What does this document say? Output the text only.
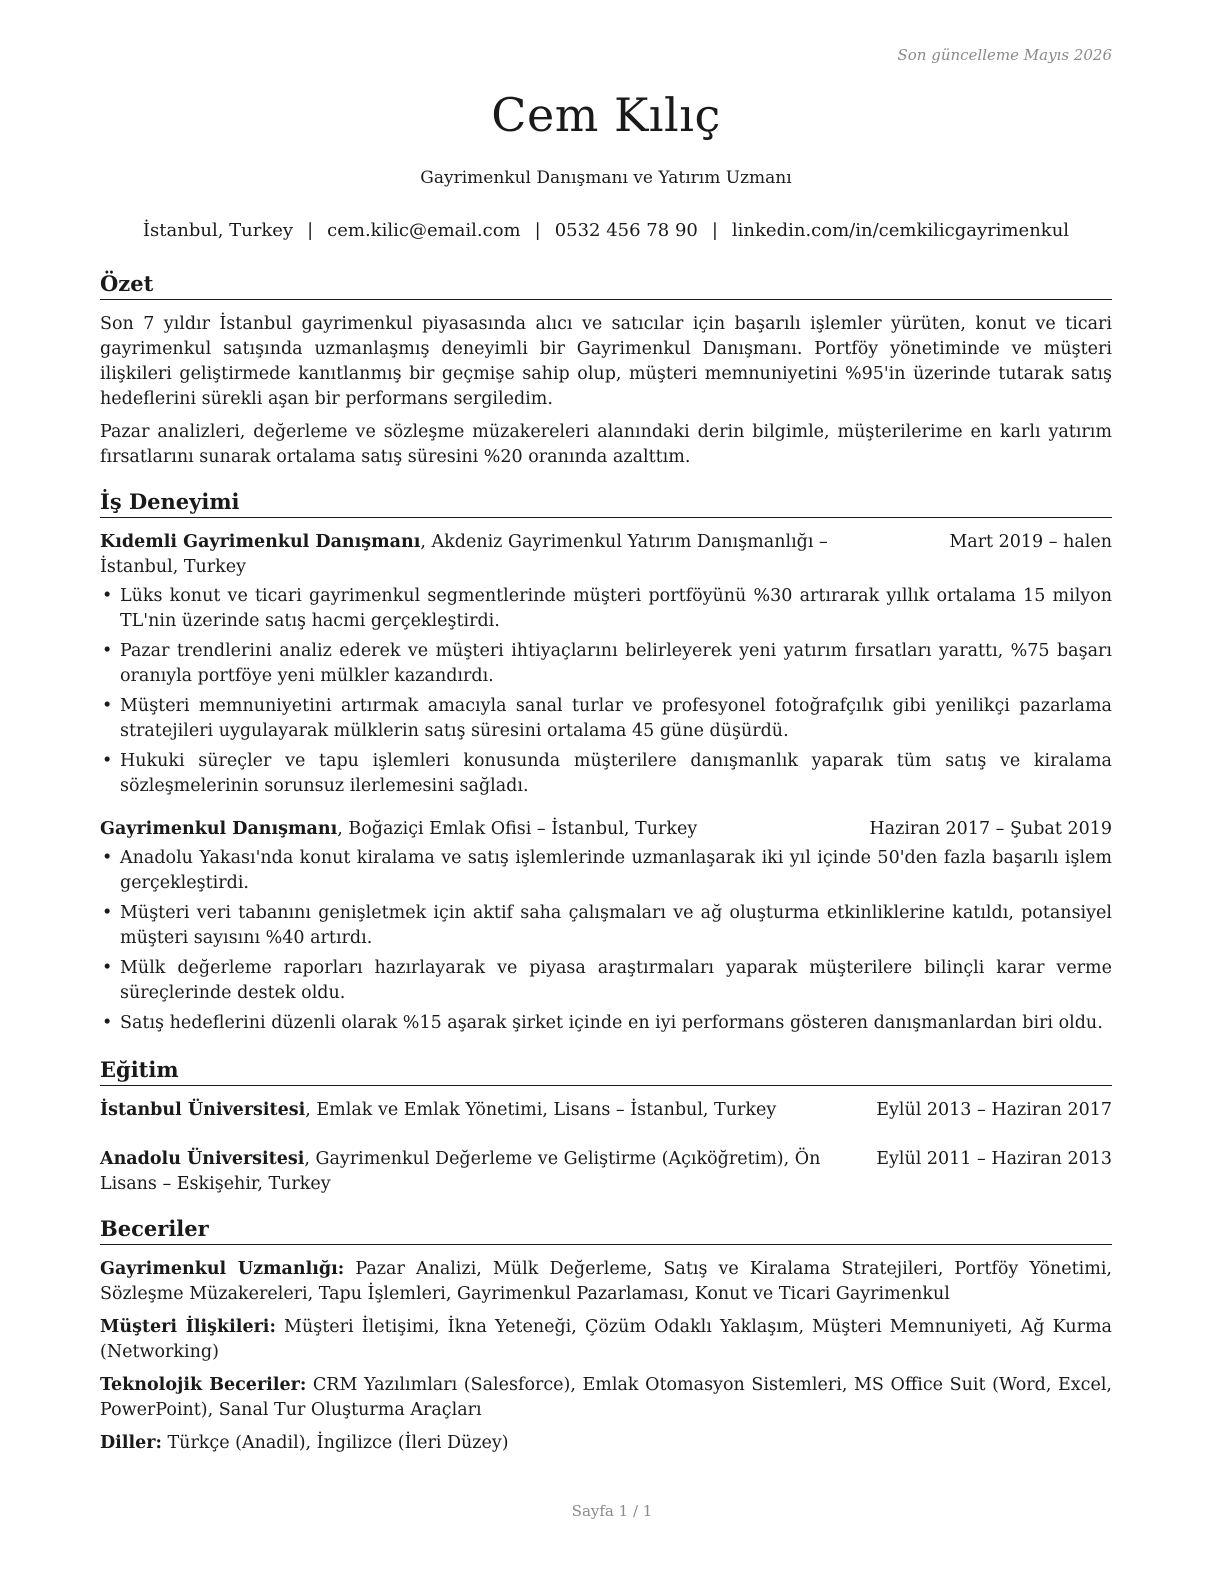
Son güncelleme Mayıs 2026
Cem Kılıç
Gayrimenkul Danışmanı ve Yatırım Uzmanı
İstanbul, Turkey | cem.kilic@email.com | 0532 456 78 90 | linkedin.com/in/cemkilicgayrimenkul
Özet

Son 7 yıldır İstanbul gayrimenkul piyasasında alıcı ve satıcılar için başarılı işlemler yürüten, konut ve ticari gayrimenkul satışında uzmanlaşmış deneyimli bir Gayrimenkul Danışmanı. Portföy yönetiminde ve müşteri ilişkileri geliştirmede kanıtlanmış bir geçmişe sahip olup, müşteri memnuniyetini %95'in üzerinde tutarak satış hedeflerini sürekli aşan bir performans sergiledim.

Pazar analizleri, değerleme ve sözleşme müzakereleri alanındaki derin bilgimle, müşterilerime en karlı yatırım fırsatlarını sunarak ortalama satış süresini %20 oranında azalttım.

İş Deneyimi
Kıdemli Gayrimenkul Danışmanı, Akdeniz Gayrimenkul Yatırım Danışmanlığı – İstanbul, Turkey
Mart 2019 – halen
• Lüks konut ve ticari gayrimenkul segmentlerinde müşteri portföyünü %30 artırarak yıllık ortalama 15 milyon TL'nin üzerinde satış hacmi gerçekleştirdi.
• Pazar trendlerini analiz ederek ve müşteri ihtiyaçlarını belirleyerek yeni yatırım fırsatları yarattı, %75 başarı oranıyla portföye yeni mülkler kazandırdı.
• Müşteri memnuniyetini artırmak amacıyla sanal turlar ve profesyonel fotoğrafçılık gibi yenilikçi pazarlama stratejileri uygulayarak mülklerin satış süresini ortalama 45 güne düşürdü.
• Hukuki süreçler ve tapu işlemleri konusunda müşterilere danışmanlık yaparak tüm satış ve kiralama sözleşmelerinin sorunsuz ilerlemesini sağladı.
Gayrimenkul Danışmanı, Boğaziçi Emlak Ofisi – İstanbul, Turkey	Haziran 2017 – Şubat 2019
• Anadolu Yakası'nda konut kiralama ve satış işlemlerinde uzmanlaşarak iki yıl içinde 50'den fazla başarılı işlem gerçekleştirdi.
• Müşteri veri tabanını genişletmek için aktif saha çalışmaları ve ağ oluşturma etkinliklerine katıldı, potansiyel müşteri sayısını %40 artırdı.
• Mülk değerleme raporları hazırlayarak ve piyasa araştırmaları yaparak müşterilere bilinçli karar verme süreçlerinde destek oldu.
• Satış hedeflerini düzenli olarak %15 aşarak şirket içinde en iyi performans gösteren danışmanlardan biri oldu.
Eğitim
İstanbul Üniversitesi, Emlak ve Emlak Yönetimi, Lisans – İstanbul, Turkey	Eylül 2013 – Haziran 2017
Anadolu Üniversitesi, Gayrimenkul Değerleme ve Geliştirme (Açıköğretim), Ön Lisans – Eskişehir, Turkey
Eylül 2011 – Haziran 2013
Beceriler

Gayrimenkul Uzmanlığı: Pazar Analizi, Mülk Değerleme, Satış ve Kiralama Stratejileri, Portföy Yönetimi, Sözleşme Müzakereleri, Tapu İşlemleri, Gayrimenkul Pazarlaması, Konut ve Ticari Gayrimenkul

Müşteri İlişkileri: Müşteri İletişimi, İkna Yeteneği, Çözüm Odaklı Yaklaşım, Müşteri Memnuniyeti, Ağ Kurma (Networking)

Teknolojik Beceriler: CRM Yazılımları (Salesforce), Emlak Otomasyon Sistemleri, MS Office Suit (Word, Excel, PowerPoint), Sanal Tur Oluşturma Araçları

Diller: Türkçe (Anadil), İngilizce (İleri Düzey)

Sayfa 1 / 1
